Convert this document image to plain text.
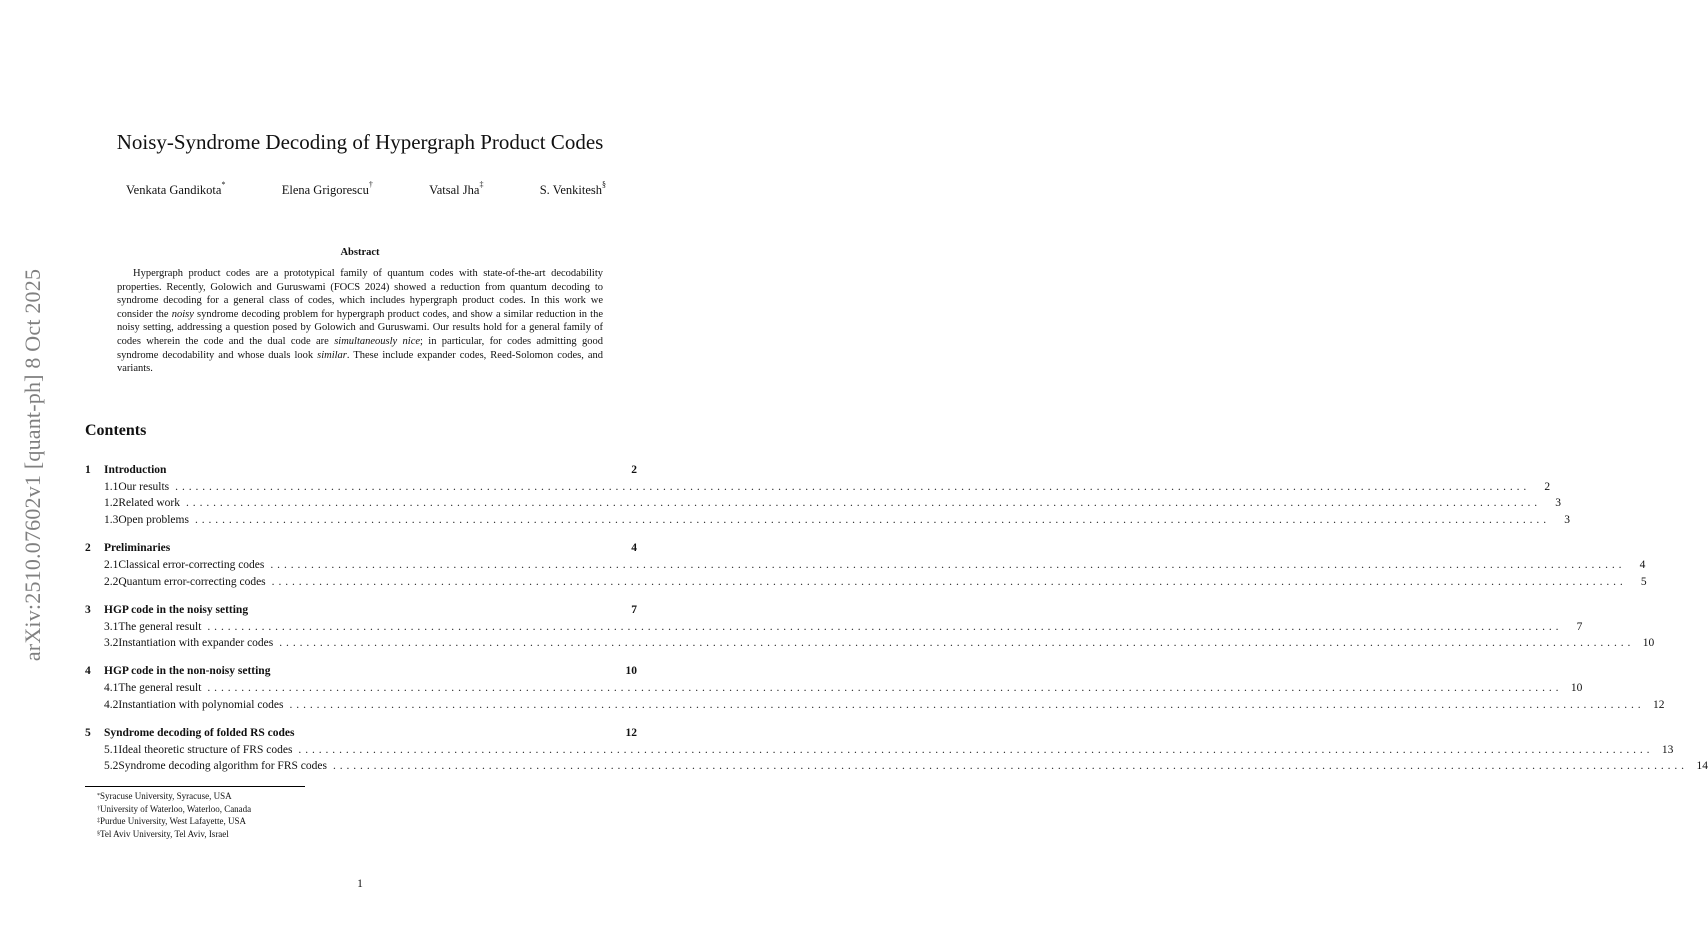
arXiv:2510.07602v1 [quant-ph] 8 Oct 2025
Noisy-Syndrome Decoding of Hypergraph Product Codes
Venkata Gandikota*	Elena Grigorescu†	Vatsal Jha‡	S. Venkitesh§
Abstract
Hypergraph product codes are a prototypical family of quantum codes with state-of-the-art decodability properties. Recently, Golowich and Guruswami (FOCS 2024) showed a reduction from quantum decoding to syndrome decoding for a general class of codes, which includes hypergraph product codes. In this work we consider the noisy syndrome decoding problem for hypergraph product codes, and show a similar reduction in the noisy setting, addressing a question posed by Golowich and Guruswami. Our results hold for a general family of codes wherein the code and the dual code are simultaneously nice; in particular, for codes admitting good syndrome decodability and whose duals look similar. These include expander codes, Reed-Solomon codes, and variants.
Contents
1	Introduction	2
1.1 Our results ........................................................................................................................................................................................................	2
1.2 Related work ........................................................................................................................................................................................................	3
1.3 Open problems ........................................................................................................................................................................................................	3
2	Preliminaries	4
2.1 Classical error-correcting codes ........................................................................................................................................................................................................	4
2.2 Quantum error-correcting codes ........................................................................................................................................................................................................	5
3	HGP code in the noisy setting	7
3.1 The general result ........................................................................................................................................................................................................	7
3.2 Instantiation with expander codes ........................................................................................................................................................................................................ 10
4	HGP code in the non-noisy setting	10
4.1 The general result ........................................................................................................................................................................................................ 10
4.2 Instantiation with polynomial codes ........................................................................................................................................................................................................ 12
5	Syndrome decoding of folded RS codes	12
5.1 Ideal theoretic structure of FRS codes ........................................................................................................................................................................................................ 13
5.2 Syndrome decoding algorithm for FRS codes ........................................................................................................................................................................................................ 14
*Syracuse University, Syracuse, USA
†University of Waterloo, Waterloo, Canada
‡Purdue University, West Lafayette, USA
§Tel Aviv University, Tel Aviv, Israel
1
